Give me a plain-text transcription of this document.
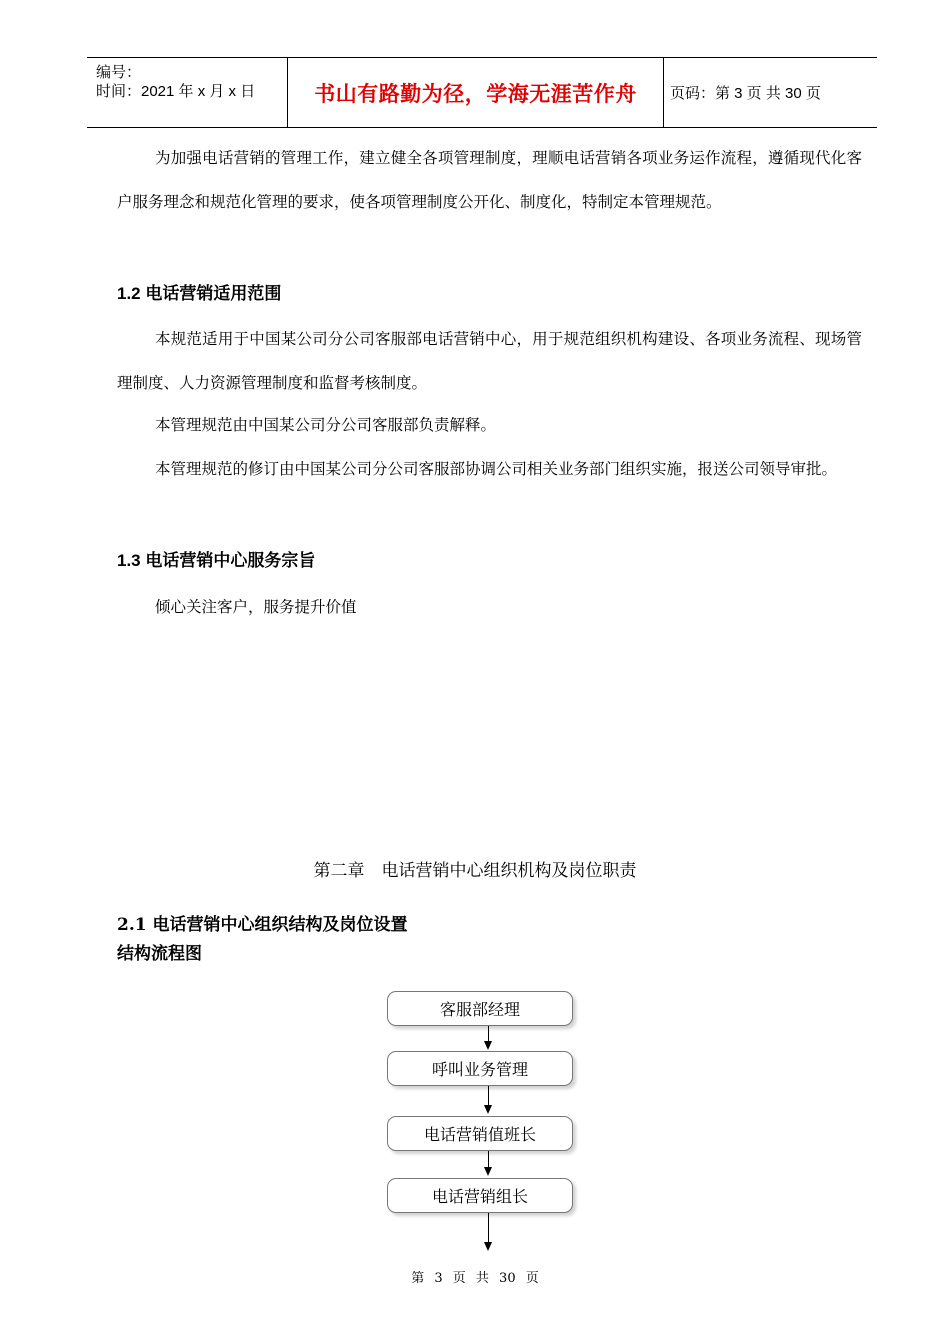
编号：
时间：2021 年 x 月 x 日	书山有路勤为径，学海无涯苦作舟 页码：第 3 页 共 30 页

为加强电话营销的管理工作，建立健全各项管理制度，理顺电话营销各项业务运作流程，遵循现代化客户服务理念和规范化管理的要求，使各项管理制度公开化、制度化，特制定本管理规范。

1.2 电话营销适用范围

本规范适用于中国某公司分公司客服部电话营销中心，用于规范组织机构建设、各项业务流程、现场管理制度、人力资源管理制度和监督考核制度。

本管理规范由中国某公司分公司客服部负责解释。

本管理规范的修订由中国某公司分公司客服部协调公司相关业务部门组织实施，报送公司领导审批。

1.3 电话营销中心服务宗旨

倾心关注客户，服务提升价值

第二章　电话营销中心组织机构及岗位职责
2.1 电话营销中心组织结构及岗位设置
结构流程图
客服部经理
呼叫业务管理
电话营销值班长
电话营销组长
第 3 页 共 30 页
